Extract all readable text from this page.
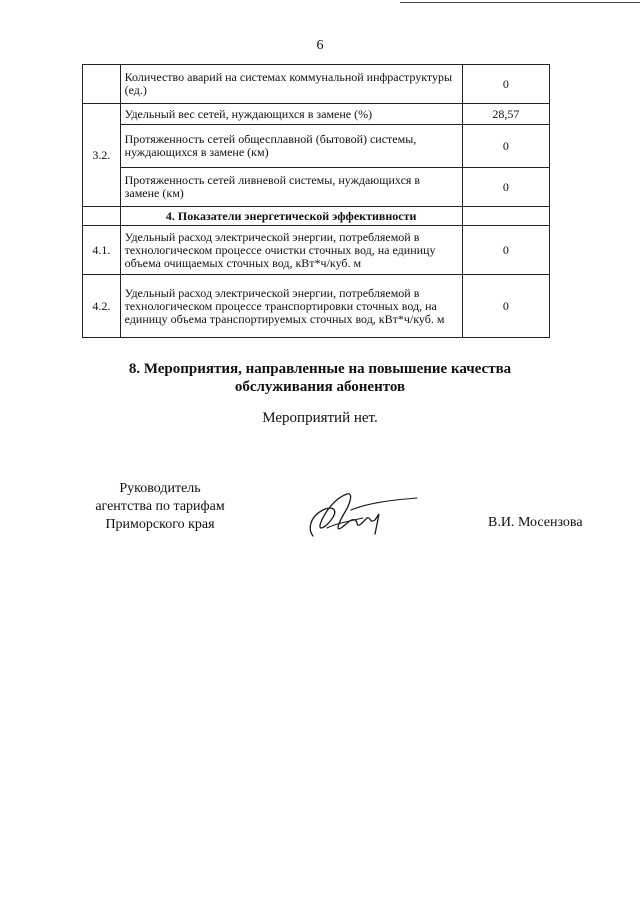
6
	Количество аварий на системах коммунальной инфраструктуры (ед.)	0
3.2.	Удельный вес сетей, нуждающихся в замене (%)	28,57
	Протяженность сетей общесплавной (бытовой) системы, нуждающихся в замене (км)	0
	Протяженность сетей ливневой системы, нуждающихся в замене (км)	0
	4. Показатели энергетической эффективности	
4.1.	Удельный расход электрической энергии, потребляемой в технологическом процессе очистки сточных вод, на единицу объема очищаемых сточных вод, кВт*ч/куб. м	0
4.2.	Удельный расход электрической энергии, потребляемой в технологическом процессе транспортировки сточных вод, на единицу объема транспортируемых сточных вод, кВт*ч/куб. м	0
8. Мероприятия, направленные на повышение качества
обслуживания абонентов
Мероприятий нет.
Руководитель
агентства по тарифам
Приморского края	В.И. Мосензова
